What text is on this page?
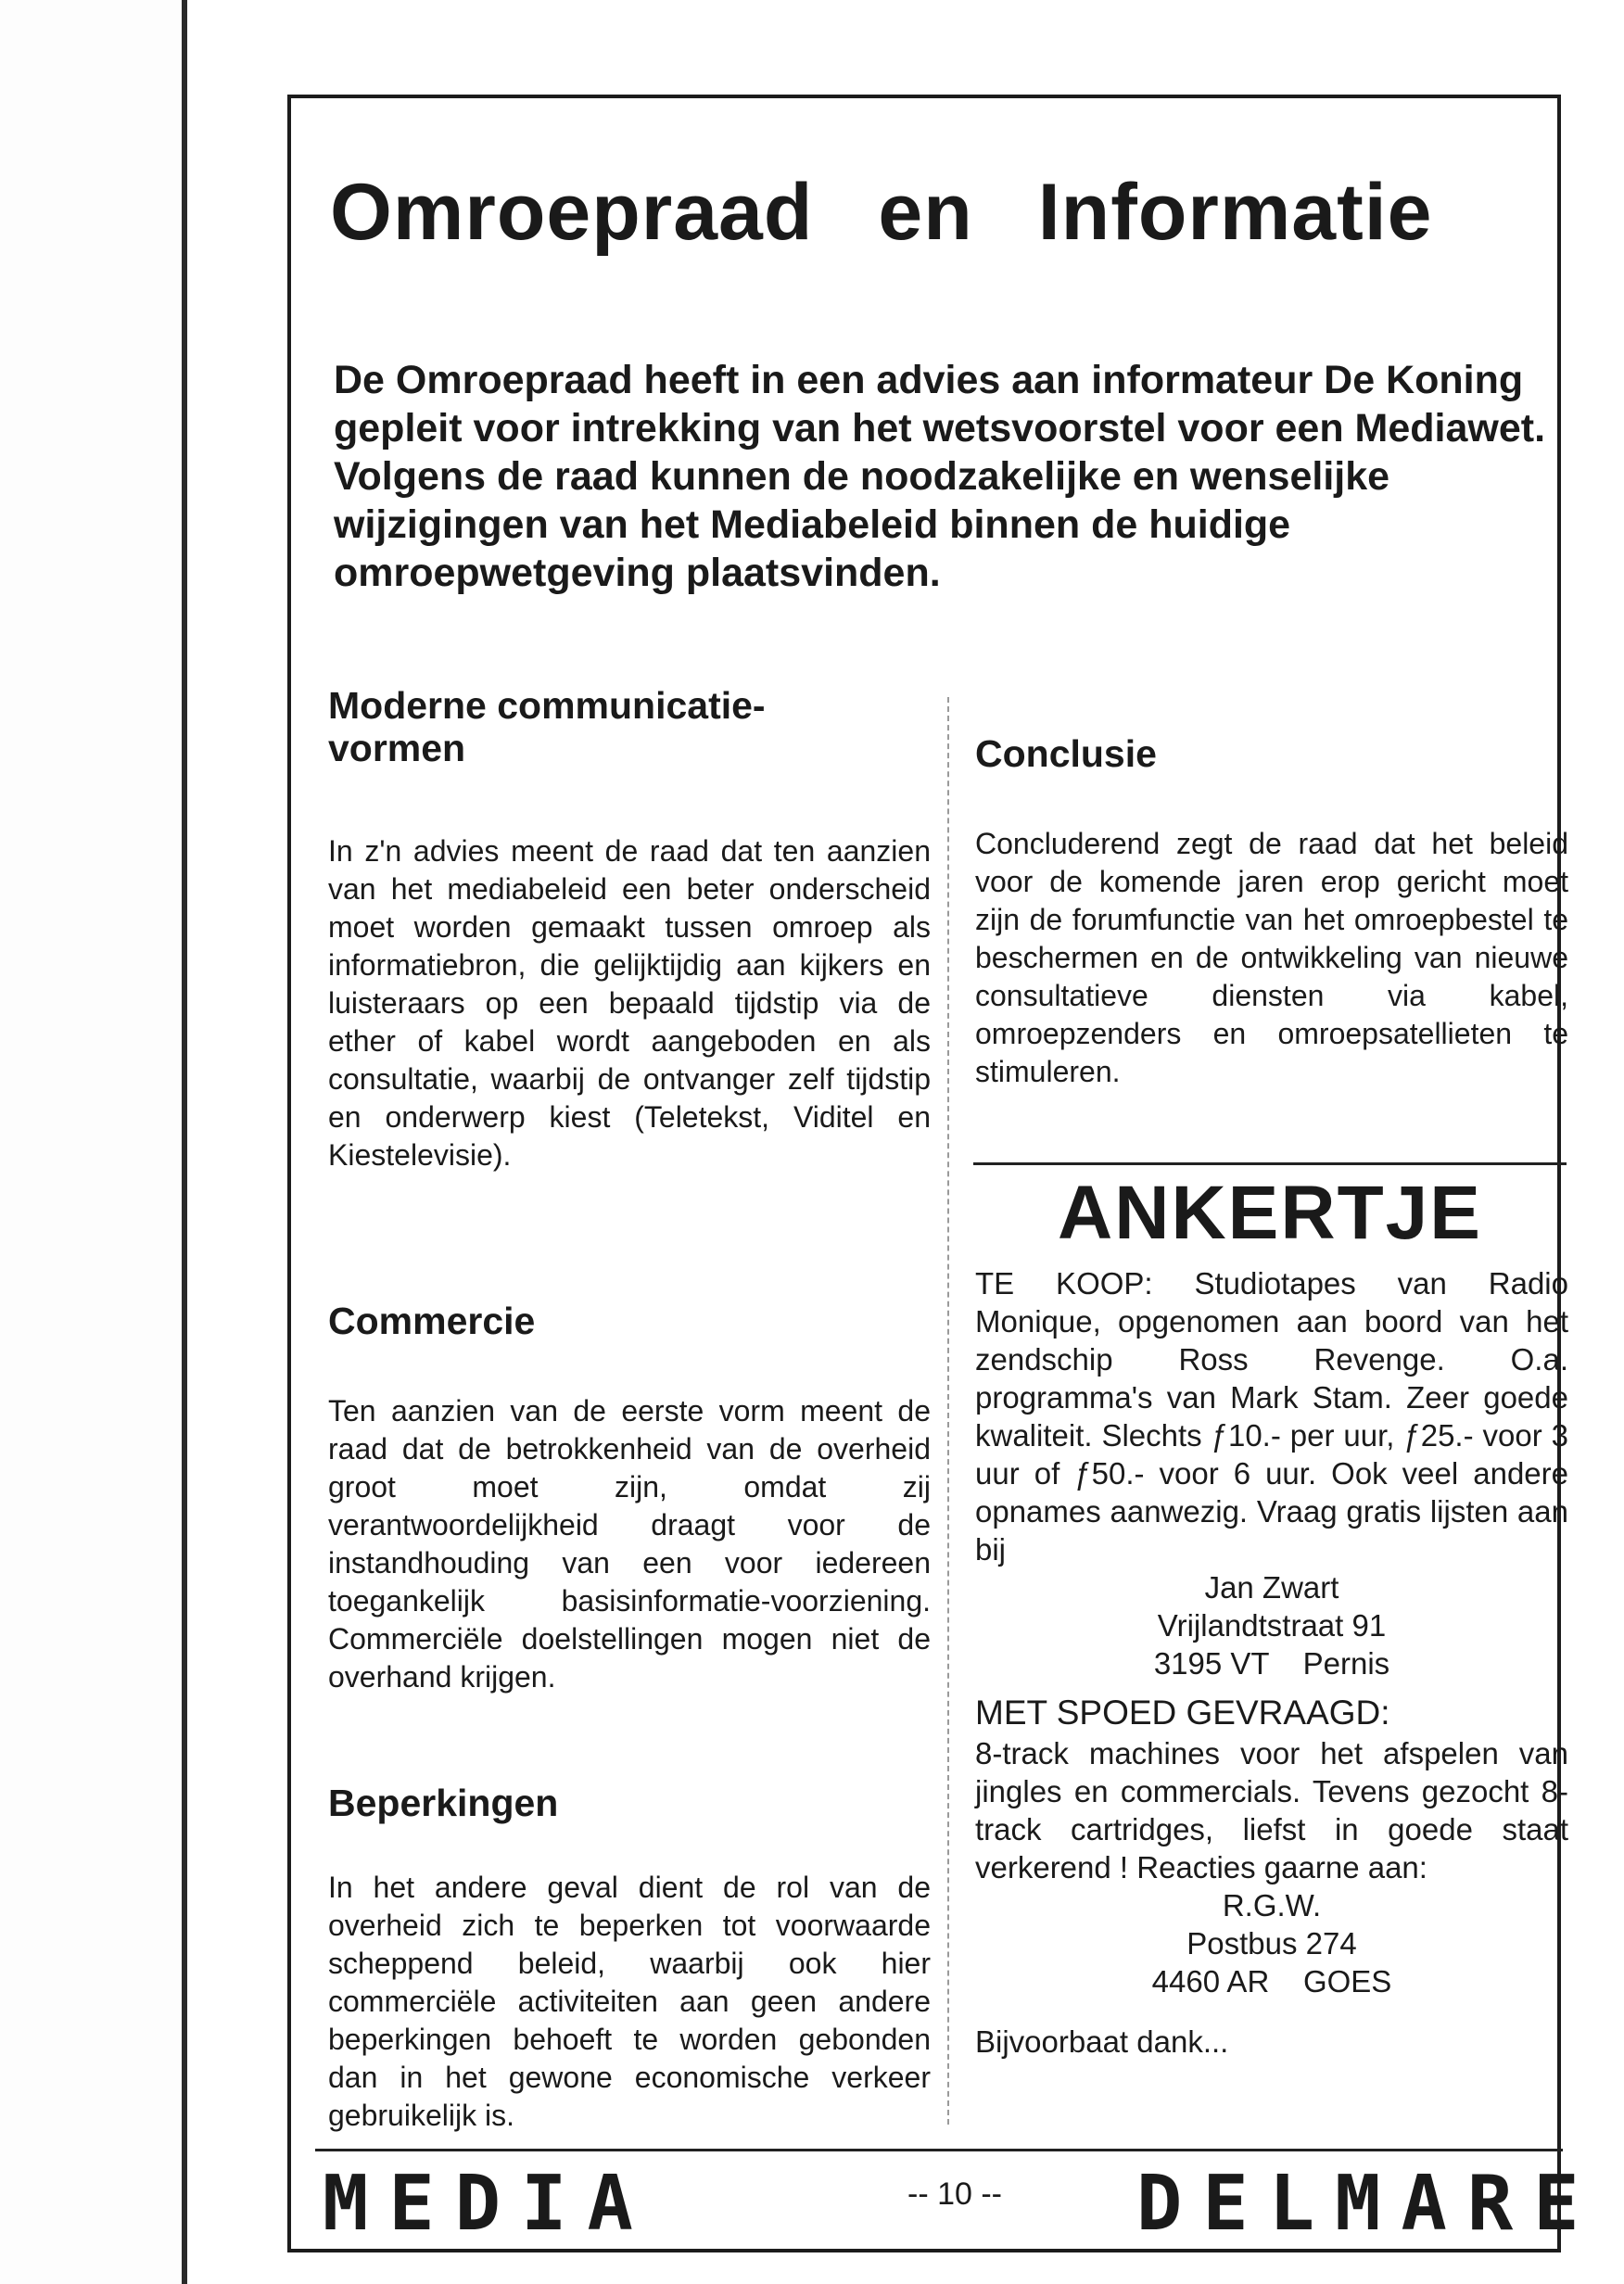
Omroepraad en Informatie

De Omroepraad heeft in een advies aan informateur De Koning gepleit voor intrekking van het wetsvoorstel voor een Mediawet. Volgens de raad kunnen de noodzakelijke en wenselijke wijzigingen van het Mediabeleid binnen de huidige omroepwetgeving plaatsvinden.

Moderne communicatie-vormen

In z'n advies meent de raad dat ten aanzien van het mediabeleid een beter onderscheid moet worden gemaakt tussen omroep als informatiebron, die gelijktijdig aan kijkers en luisteraars op een bepaald tijdstip via de ether of kabel wordt aangeboden en als consultatie, waarbij de ontvanger zelf tijdstip en onderwerp kiest (Teletekst, Viditel en Kiestelevisie).

Commercie

Ten aanzien van de eerste vorm meent de raad dat de betrokkenheid van de overheid groot moet zijn, omdat zij verantwoordelijkheid draagt voor de instandhouding van een voor iedereen toegankelijk basisinformatie-voorziening. Commerciële doelstellingen mogen niet de overhand krijgen.

Beperkingen

In het andere geval dient de rol van de overheid zich te beperken tot voorwaarde scheppend beleid, waarbij ook hier commerciële activiteiten aan geen andere beperkingen behoeft te worden gebonden dan in het gewone economische verkeer gebruikelijk is.

Conclusie

Concluderend zegt de raad dat het beleid voor de komende jaren erop gericht moet zijn de forumfunctie van het omroepbestel te beschermen en de ontwikkeling van nieuwe consultatieve diensten via kabel, omroepzenders en omroepsatellieten te stimuleren.

ANKERTJE

TE KOOP: Studiotapes van Radio Monique, opgenomen aan boord van het zendschip Ross Revenge. O.a. programma's van Mark Stam. Zeer goede kwaliteit. Slechts ƒ10.- per uur, ƒ25.- voor 3 uur of ƒ50.- voor 6 uur. Ook veel andere opnames aanwezig. Vraag gratis lijsten aan bij

Jan Zwart

Vrijlandtstraat 91

3195 VT    Pernis

MET SPOED GEVRAAGD:

8-track machines voor het afspelen van jingles en commercials. Tevens gezocht 8-track cartridges, liefst in goede staat verkerend ! Reacties gaarne aan:

R.G.W.

Postbus 274

4460 AR    GOES

Bijvoorbaat dank...

MEDIA	-- 10 --	DELMARE
